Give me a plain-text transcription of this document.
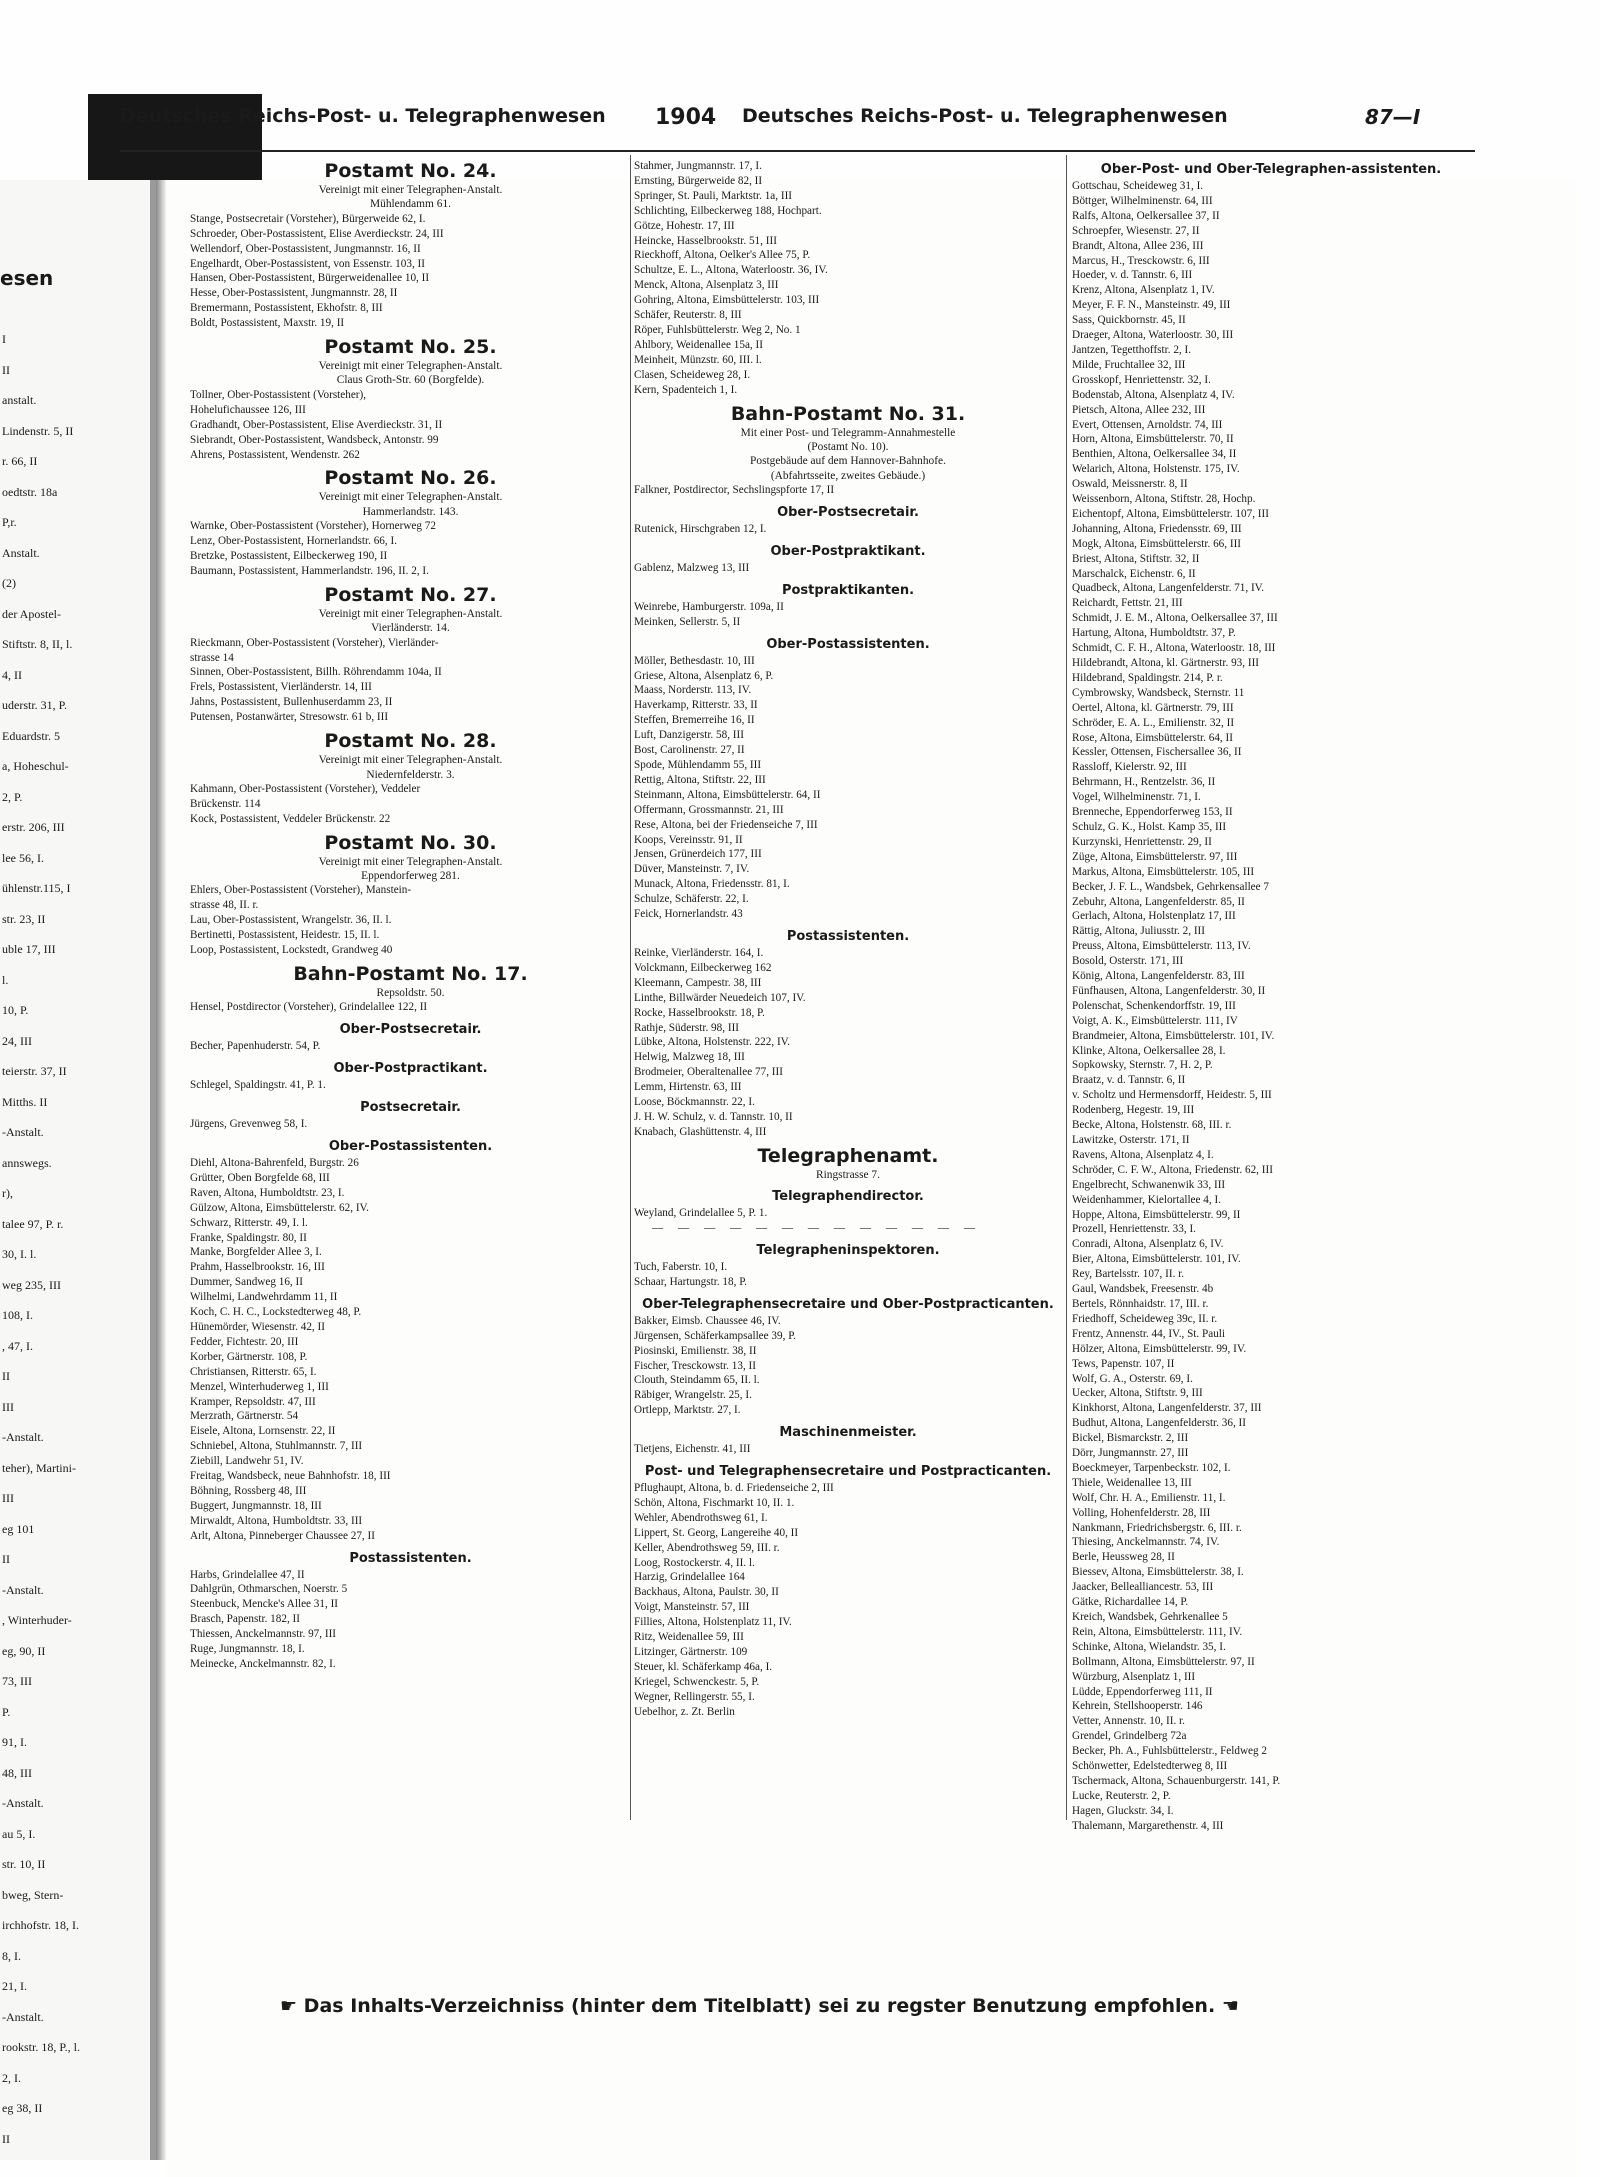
esen
I
II
anstalt.
Lindenstr. 5, II
r. 66, II
oedtstr. 18a
P,r.
Anstalt.
(2)
der Apostel-
Stiftstr. 8, II, l.
4, II
uderstr. 31, P.
Eduardstr. 5
a, Hoheschul-
2, P.
erstr. 206, III
lee 56, I.
ühlenstr.115, I
str. 23, II
uble 17, III
l.
10, P.
24, III
teierstr. 37, II
Mitths. II
-Anstalt.
annswegs.
r),
talee 97, P. r.
30, I. l.
weg 235, III
108, I.
, 47, I.
II
III
-Anstalt.
teher), Martini-
III
eg 101
II
-Anstalt.
, Winterhuder-
eg, 90, II
73, III
P.
91, I.
48, III
-Anstalt.
au 5, I.
str. 10, II
bweg, Stern-
irchhofstr. 18, I.
8, I.
21, I.
-Anstalt.
rookstr. 18, P., l.
2, I.
eg 38, II
II
Deutsches Reichs-Post- u. Telegraphenwesen 1904 Deutsches Reichs-Post- u. Telegraphenwesen	87—I
Postamt No. 24.
Vereinigt mit einer Telegraphen-Anstalt.
Mühlendamm 61.
Stange, Postsecretair (Vorsteher), Bürgerweide 62, I.
Schroeder, Ober-Postassistent, Elise Averdieckstr. 24, III
Wellendorf, Ober-Postassistent, Jungmannstr. 16, II
Engelhardt, Ober-Postassistent, von Essenstr. 103, II
Hansen, Ober-Postassistent, Bürgerweidenallee 10, II
Hesse, Ober-Postassistent, Jungmannstr. 28, II
Bremermann, Postassistent, Ekhofstr. 8, III
Boldt, Postassistent, Maxstr. 19, II
Postamt No. 25.
Vereinigt mit einer Telegraphen-Anstalt.
Claus Groth-Str. 60 (Borgfelde).
Tollner, Ober-Postassistent (Vorsteher),
Hohelufichaussee 126, III
Gradhandt, Ober-Postassistent, Elise Averdieckstr. 31, II
Siebrandt, Ober-Postassistent, Wandsbeck, Antonstr. 99
Ahrens, Postassistent, Wendenstr. 262
Postamt No. 26.
Vereinigt mit einer Telegraphen-Anstalt.
Hammerlandstr. 143.
Warnke, Ober-Postassistent (Vorsteher), Hornerweg 72
Lenz, Ober-Postassistent, Hornerlandstr. 66, I.
Bretzke, Postassistent, Eilbeckerweg 190, II
Baumann, Postassistent, Hammerlandstr. 196, II. 2, I.
Postamt No. 27.
Vereinigt mit einer Telegraphen-Anstalt.
Vierländerstr. 14.
Rieckmann, Ober-Postassistent (Vorsteher), Vierländer-
strasse 14
Sinnen, Ober-Postassistent, Billh. Röhrendamm 104a, II
Frels, Postassistent, Vierländerstr. 14, III
Jahns, Postassistent, Bullenhuserdamm 23, II
Putensen, Postanwärter, Stresowstr. 61 b, III
Postamt No. 28.
Vereinigt mit einer Telegraphen-Anstalt.
Niedernfelderstr. 3.
Kahmann, Ober-Postassistent (Vorsteher), Veddeler
Brückenstr. 114
Kock, Postassistent, Veddeler Brückenstr. 22
Postamt No. 30.
Vereinigt mit einer Telegraphen-Anstalt.
Eppendorferweg 281.
Ehlers, Ober-Postassistent (Vorsteher), Manstein-
strasse 48, II. r.
Lau, Ober-Postassistent, Wrangelstr. 36, II. l.
Bertinetti, Postassistent, Heidestr. 15, II. l.
Loop, Postassistent, Lockstedt, Grandweg 40
Bahn-Postamt No. 17.
Repsoldstr. 50.
Hensel, Postdirector (Vorsteher), Grindelallee 122, II
Ober-Postsecretair.
Becher, Papenhuderstr. 54, P.
Ober-Postpractikant.
Schlegel, Spaldingstr. 41, P. 1.
Postsecretair.
Jürgens, Grevenweg 58, I.
Ober-Postassistenten.
Diehl, Altona-Bahrenfeld, Burgstr. 26
Grütter, Oben Borgfelde 68, III
Raven, Altona, Humboldtstr. 23, I.
Gülzow, Altona, Eimsbüttelerstr. 62, IV.
Schwarz, Ritterstr. 49, I. l.
Franke, Spaldingstr. 80, II
Manke, Borgfelder Allee 3, I.
Prahm, Hasselbrookstr. 16, III
Dummer, Sandweg 16, II
Wilhelmi, Landwehrdamm 11, II
Koch, C. H. C., Lockstedterweg 48, P.
Hünemörder, Wiesenstr. 42, II
Fedder, Fichtestr. 20, III
Korber, Gärtnerstr. 108, P.
Christiansen, Ritterstr. 65, I.
Menzel, Winterhuderweg 1, III
Kramper, Repsoldstr. 47, III
Merzrath, Gärtnerstr. 54
Eisele, Altona, Lornsenstr. 22, II
Schniebel, Altona, Stuhlmannstr. 7, III
Ziebill, Landwehr 51, IV.
Freitag, Wandsbeck, neue Bahnhofstr. 18, III
Böhning, Rossberg 48, III
Buggert, Jungmannstr. 18, III
Mirwaldt, Altona, Humboldtstr. 33, III
Arlt, Altona, Pinneberger Chaussee 27, II
Postassistenten.
Harbs, Grindelallee 47, II
Dahlgrün, Othmarschen, Noerstr. 5
Steenbuck, Mencke's Allee 31, II
Brasch, Papenstr. 182, II
Thiessen, Anckelmannstr. 97, III
Ruge, Jungmannstr. 18, I.
Meinecke, Anckelmannstr. 82, I.
Stahmer, Jungmannstr. 17, I.
Ernsting, Bürgerweide 82, II
Springer, St. Pauli, Marktstr. 1a, III
Schlichting, Eilbeckerweg 188, Hochpart.
Götze, Hohestr. 17, III
Heincke, Hasselbrookstr. 51, III
Rieckhoff, Altona, Oelker's Allee 75, P.
Schultze, E. L., Altona, Waterloostr. 36, IV.
Menck, Altona, Alsenplatz 3, III
Gohring, Altona, Eimsbüttelerstr. 103, III
Schäfer, Reuterstr. 8, III
Röper, Fuhlsbüttelerstr. Weg 2, No. 1
Ahlbory, Weidenallee 15a, II
Meinheit, Münzstr. 60, III. l.
Clasen, Scheideweg 28, I.
Kern, Spadenteich 1, I.
Bahn-Postamt No. 31.
Mit einer Post- und Telegramm-Annahmestelle
(Postamt No. 10).
Postgebäude auf dem Hannover-Bahnhofe.
(Abfahrtsseite, zweites Gebäude.)
Falkner, Postdirector, Sechslingspforte 17, II
Ober-Postsecretair.
Rutenick, Hirschgraben 12, I.
Ober-Postpraktikant.
Gablenz, Malzweg 13, III
Postpraktikanten.
Weinrebe, Hamburgerstr. 109a, II
Meinken, Sellerstr. 5, II
Ober-Postassistenten.
Möller, Bethesdastr. 10, III
Griese, Altona, Alsenplatz 6, P.
Maass, Norderstr. 113, IV.
Haverkamp, Ritterstr. 33, II
Steffen, Bremerreihe 16, II
Luft, Danzigerstr. 58, III
Bost, Carolinenstr. 27, II
Spode, Mühlendamm 55, III
Rettig, Altona, Stiftstr. 22, III
Steinmann, Altona, Eimsbüttelerstr. 64, II
Offermann, Grossmannstr. 21, III
Rese, Altona, bei der Friedenseiche 7, III
Koops, Vereinsstr. 91, II
Jensen, Grünerdeich 177, III
Düver, Mansteinstr. 7, IV.
Munack, Altona, Friedensstr. 81, I.
Schulze, Schäferstr. 22, I.
Feick, Hornerlandstr. 43
Postassistenten.
Reinke, Vierländerstr. 164, I.
Volckmann, Eilbeckerweg 162
Kleemann, Campestr. 38, III
Linthe, Billwärder Neuedeich 107, IV.
Rocke, Hasselbrookstr. 18, P.
Rathje, Süderstr. 98, III
Lübke, Altona, Holstenstr. 222, IV.
Helwig, Malzweg 18, III
Brodmeier, Oberaltenallee 77, III
Lemm, Hirtenstr. 63, III
Loose, Böckmannstr. 22, I.
J. H. W. Schulz, v. d. Tannstr. 10, II
Knabach, Glashüttenstr. 4, III
Telegraphenamt.
Ringstrasse 7.
Telegraphendirector.
Weyland, Grindelallee 5, P. 1.
— — — — — — — — — — — — —
Telegrapheninspektoren.
Tuch, Faberstr. 10, I.
Schaar, Hartungstr. 18, P.
Ober-Telegraphensecretaire und Ober-Postpracticanten.
Bakker, Eimsb. Chaussee 46, IV.
Jürgensen, Schäferkampsallee 39, P.
Piosinski, Emilienstr. 38, II
Fischer, Tresckowstr. 13, II
Clouth, Steindamm 65, II. l.
Räbiger, Wrangelstr. 25, I.
Ortlepp, Marktstr. 27, I.
Maschinenmeister.
Tietjens, Eichenstr. 41, III
Post- und Telegraphensecretaire und Postpracticanten.
Pflughaupt, Altona, b. d. Friedenseiche 2, III
Schön, Altona, Fischmarkt 10, II. 1.
Wehler, Abendrothsweg 61, I.
Lippert, St. Georg, Langereihe 40, II
Keller, Abendrothsweg 59, III. r.
Loog, Rostockerstr. 4, II. l.
Harzig, Grindelallee 164
Backhaus, Altona, Paulstr. 30, II
Voigt, Mansteinstr. 57, III
Fillies, Altona, Holstenplatz 11, IV.
Ritz, Weidenallee 59, III
Litzinger, Gärtnerstr. 109
Steuer, kl. Schäferkamp 46a, I.
Kriegel, Schwenckestr. 5, P.
Wegner, Rellingerstr. 55, I.
Uebelhor, z. Zt. Berlin
Ober-Post- und Ober-Telegraphen-assistenten.
Gottschau, Scheideweg 31, I.
Böttger, Wilhelminenstr. 64, III
Ralfs, Altona, Oelkersallee 37, II
Schroepfer, Wiesenstr. 27, II
Brandt, Altona, Allee 236, III
Marcus, H., Tresckowstr. 6, III
Hoeder, v. d. Tannstr. 6, III
Krenz, Altona, Alsenplatz 1, IV.
Meyer, F. F. N., Mansteinstr. 49, III
Sass, Quickbornstr. 45, II
Draeger, Altona, Waterloostr. 30, III
Jantzen, Tegetthoffstr. 2, I.
Milde, Fruchtallee 32, III
Grosskopf, Henriettenstr. 32, I.
Bodenstab, Altona, Alsenplatz 4, IV.
Pietsch, Altona, Allee 232, III
Evert, Ottensen, Arnoldstr. 74, III
Horn, Altona, Eimsbüttelerstr. 70, II
Benthien, Altona, Oelkersallee 34, II
Welarich, Altona, Holstenstr. 175, IV.
Oswald, Meissnerstr. 8, II
Weissenborn, Altona, Stiftstr. 28, Hochp.
Eichentopf, Altona, Eimsbüttelerstr. 107, III
Johanning, Altona, Friedensstr. 69, III
Mogk, Altona, Eimsbüttelerstr. 66, III
Briest, Altona, Stiftstr. 32, II
Marschalck, Eichenstr. 6, II
Quadbeck, Altona, Langenfelderstr. 71, IV.
Reichardt, Fettstr. 21, III
Schmidt, J. E. M., Altona, Oelkersallee 37, III
Hartung, Altona, Humboldtstr. 37, P.
Schmidt, C. F. H., Altona, Waterloostr. 18, III
Hildebrandt, Altona, kl. Gärtnerstr. 93, III
Hildebrand, Spaldingstr. 214, P. r.
Cymbrowsky, Wandsbeck, Sternstr. 11
Oertel, Altona, kl. Gärtnerstr. 79, III
Schröder, E. A. L., Emilienstr. 32, II
Rose, Altona, Eimsbüttelerstr. 64, II
Kessler, Ottensen, Fischersallee 36, II
Rassloff, Kielerstr. 92, III
Behrmann, H., Rentzelstr. 36, II
Vogel, Wilhelminenstr. 71, I.
Brenneche, Eppendorferweg 153, II
Schulz, G. K., Holst. Kamp 35, III
Kurzynski, Henriettenstr. 29, II
Züge, Altona, Eimsbüttelerstr. 97, III
Markus, Altona, Eimsbüttelerstr. 105, III
Becker, J. F. L., Wandsbek, Gehrkensallee 7
Zebuhr, Altona, Langenfelderstr. 85, II
Gerlach, Altona, Holstenplatz 17, III
Rättig, Altona, Juliusstr. 2, III
Preuss, Altona, Eimsbüttelerstr. 113, IV.
Bosold, Osterstr. 171, III
König, Altona, Langenfelderstr. 83, III
Fünfhausen, Altona, Langenfelderstr. 30, II
Polenschat, Schenkendorffstr. 19, III
Voigt, A. K., Eimsbüttelerstr. 111, IV
Brandmeier, Altona, Eimsbüttelerstr. 101, IV.
Klinke, Altona, Oelkersallee 28, I.
Sopkowsky, Sternstr. 7, H. 2, P.
Braatz, v. d. Tannstr. 6, II
v. Scholtz und Hermensdorff, Heidestr. 5, III
Rodenberg, Hegestr. 19, III
Becke, Altona, Holstenstr. 68, III. r.
Lawitzke, Osterstr. 171, II
Ravens, Altona, Alsenplatz 4, I.
Schröder, C. F. W., Altona, Friedenstr. 62, III
Engelbrecht, Schwanenwik 33, III
Weidenhammer, Kielortallee 4, I.
Hoppe, Altona, Eimsbüttelerstr. 99, II
Prozell, Henriettenstr. 33, I.
Conradi, Altona, Alsenplatz 6, IV.
Bier, Altona, Eimsbüttelerstr. 101, IV.
Rey, Bartelsstr. 107, II. r.
Gaul, Wandsbek, Freesenstr. 4b
Bertels, Rönnhaidstr. 17, III. r.
Friedhoff, Scheideweg 39c, II. r.
Frentz, Annenstr. 44, IV., St. Pauli
Hölzer, Altona, Eimsbüttelerstr. 99, IV.
Tews, Papenstr. 107, II
Wolf, G. A., Osterstr. 69, I.
Uecker, Altona, Stiftstr. 9, III
Kinkhorst, Altona, Langenfelderstr. 37, III
Budhut, Altona, Langenfelderstr. 36, II
Bickel, Bismarckstr. 2, III
Dörr, Jungmannstr. 27, III
Boeckmeyer, Tarpenbeckstr. 102, I.
Thiele, Weidenallee 13, III
Wolf, Chr. H. A., Emilienstr. 11, I.
Volling, Hohenfelderstr. 28, III
Nankmann, Friedrichsbergstr. 6, III. r.
Thiesing, Anckelmannstr. 74, IV.
Berle, Heussweg 28, II
Biessev, Altona, Eimsbüttelerstr. 38, I.
Jaacker, Bellealliancestr. 53, III
Gätke, Richardallee 14, P.
Kreich, Wandsbek, Gehrkenallee 5
Rein, Altona, Eimsbüttelerstr. 111, IV.
Schinke, Altona, Wielandstr. 35, I.
Bollmann, Altona, Eimsbüttelerstr. 97, II
Würzburg, Alsenplatz 1, III
Lüdde, Eppendorferweg 111, II
Kehrein, Stellshooperstr. 146
Vetter, Annenstr. 10, II. r.
Grendel, Grindelberg 72a
Becker, Ph. A., Fuhlsbüttelerstr., Feldweg 2
Schönwetter, Edelstedterweg 8, III
Tschermack, Altona, Schauenburgerstr. 141, P.
Lucke, Reuterstr. 2, P.
Hagen, Gluckstr. 34, I.
Thalemann, Margarethenstr. 4, III
☛ Das Inhalts-Verzeichniss (hinter dem Titelblatt) sei zu regster Benutzung empfohlen. ☚
